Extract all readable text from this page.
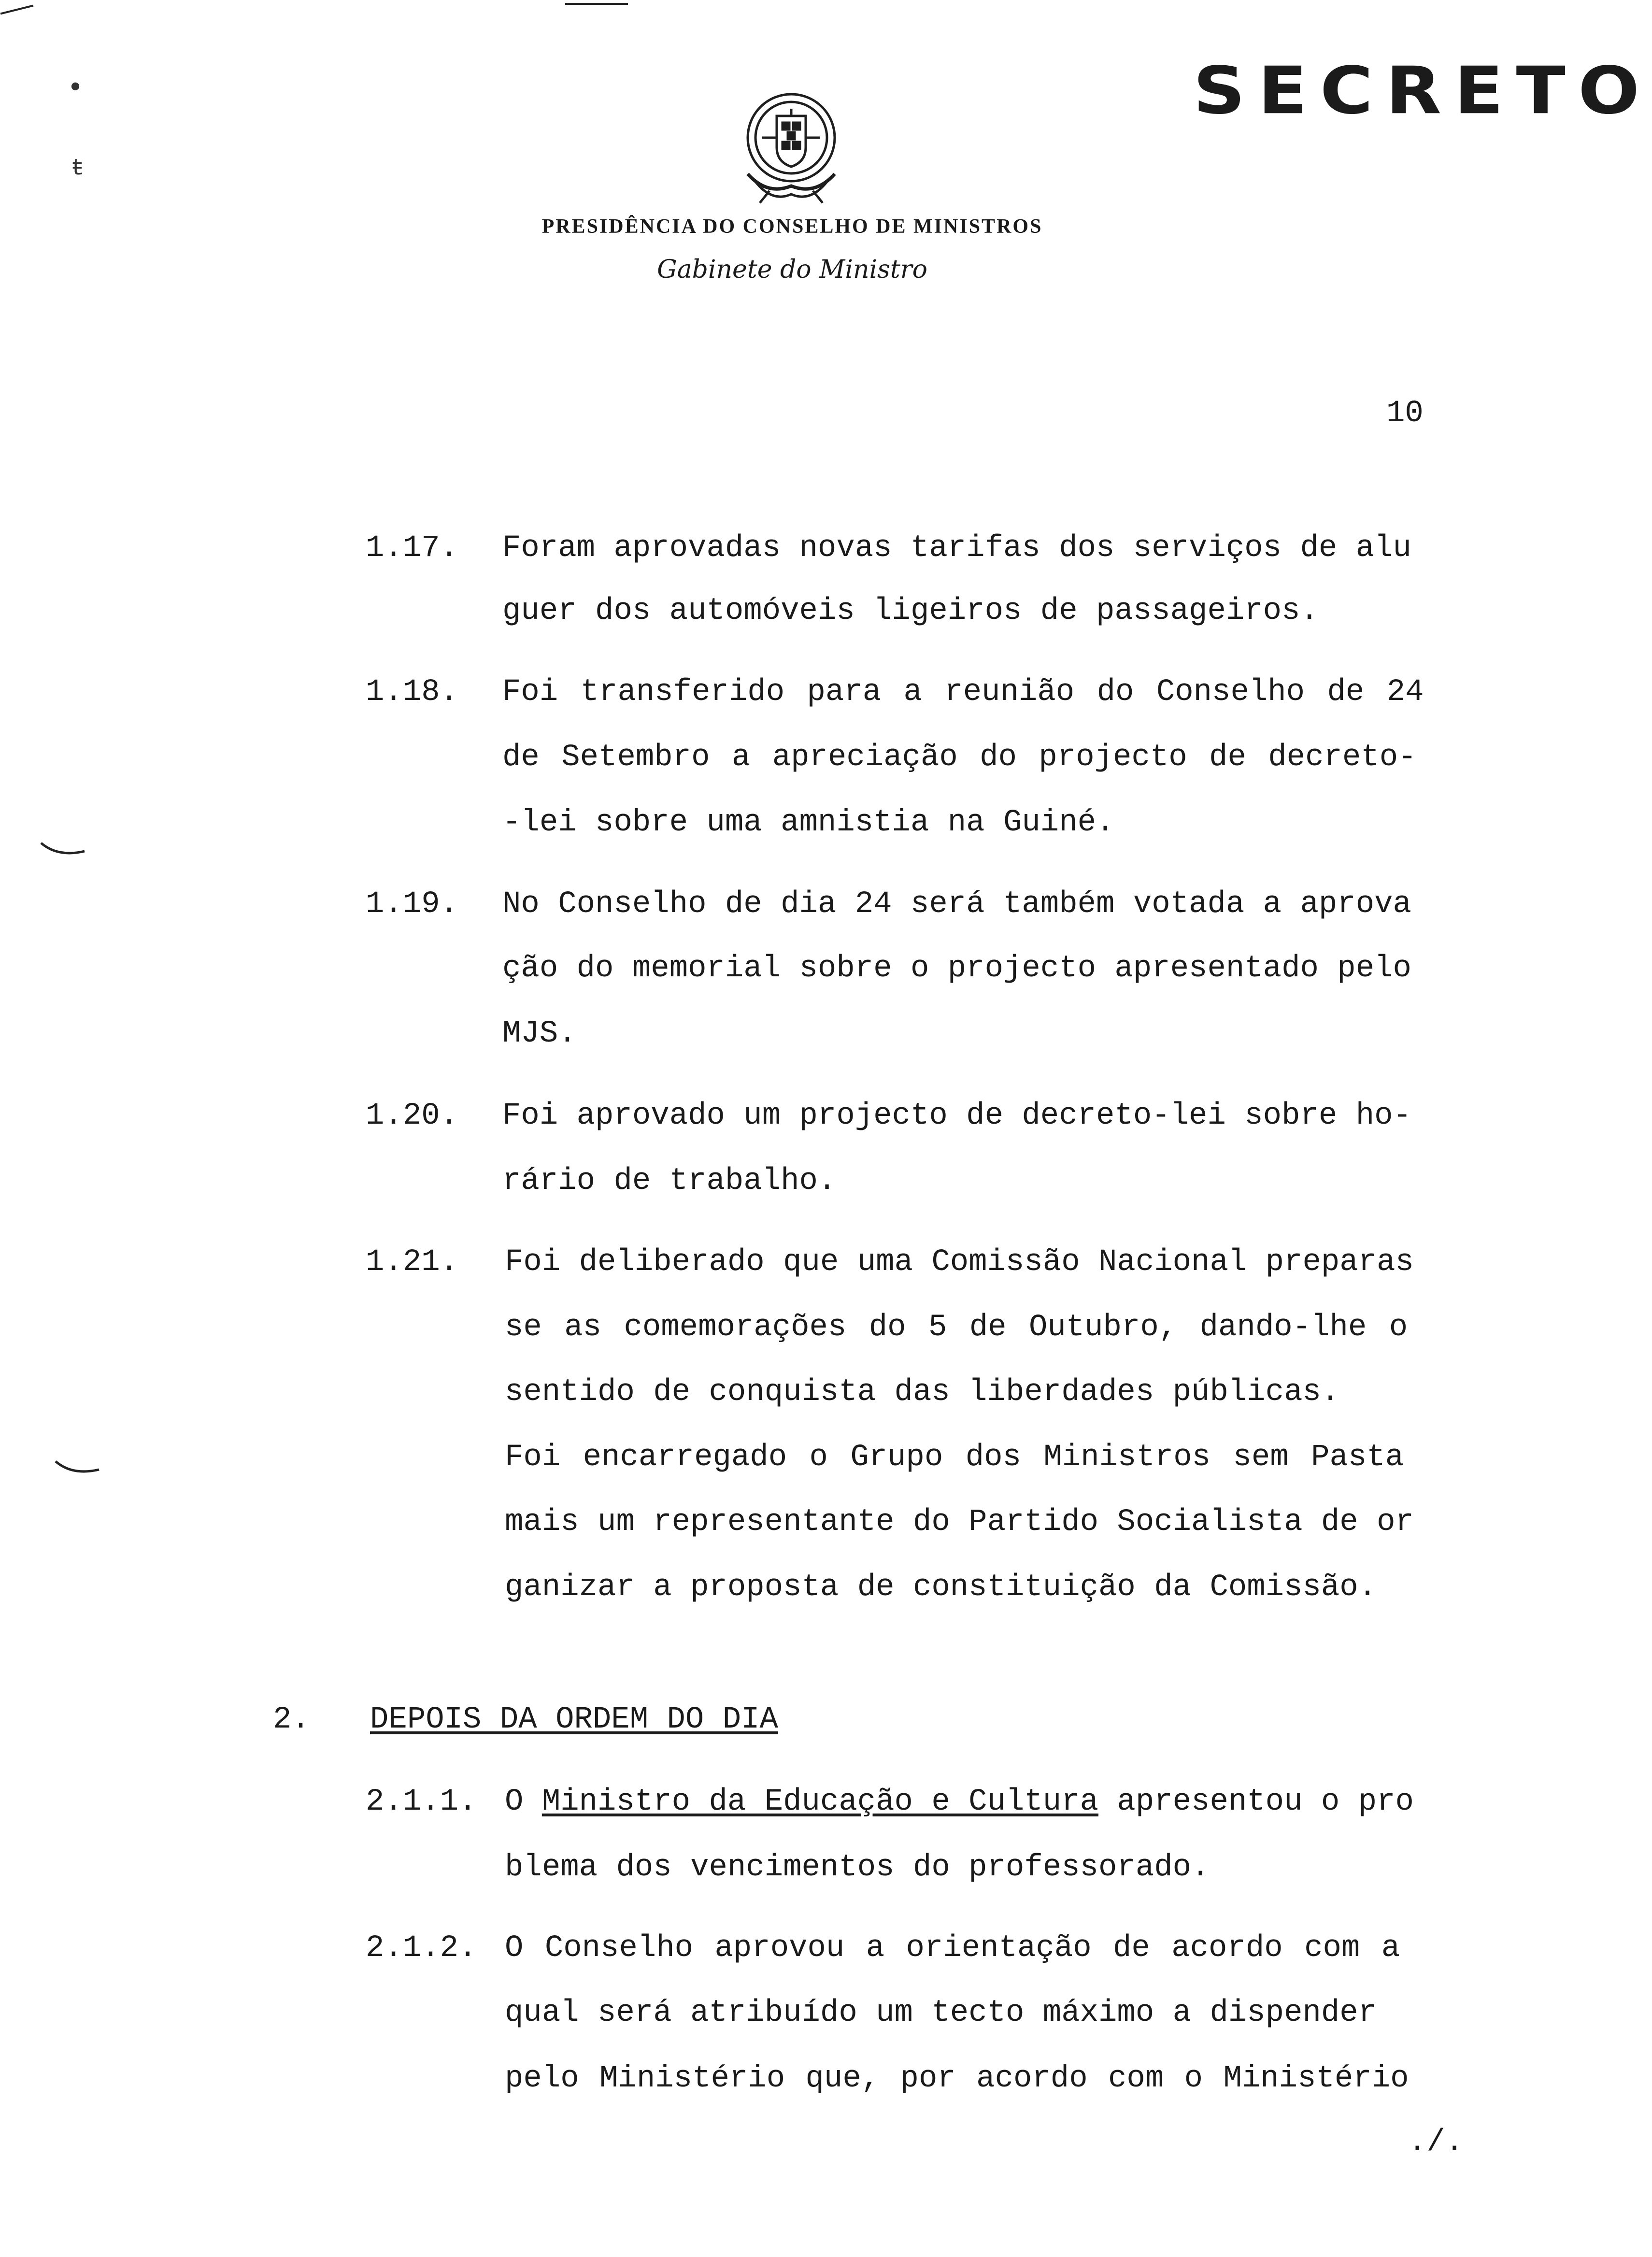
•
ŧ
SECRETO
PRESIDÊNCIA DO CONSELHO DE MINISTROS
Gabinete do Ministro
10
1.17. Foram aprovadas novas tarifas dos serviços de alu
guer dos automóveis ligeiros de passageiros.
1.18. Foi transferido para a reunião do Conselho de 24
de Setembro a apreciação do projecto de decreto-
-lei sobre uma amnistia na Guiné.
1.19. No Conselho de dia 24 será também votada a aprova
ção do memorial sobre o projecto apresentado pelo
MJS.
1.20. Foi aprovado um projecto de decreto-lei sobre ho-
rário de trabalho.
1.21. Foi deliberado que uma Comissão Nacional preparas
se as comemorações do 5 de Outubro, dando-lhe o
sentido de conquista das liberdades públicas.
Foi encarregado o Grupo dos Ministros sem Pasta
mais um representante do Partido Socialista de or
ganizar a proposta de constituição da Comissão.
2. DEPOIS DA ORDEM DO DIA
2.1.1. O Ministro da Educação e Cultura apresentou o pro
blema dos vencimentos do professorado.
2.1.2. O Conselho aprovou a orientação de acordo com a
qual será atribuído um tecto máximo a dispender
pelo Ministério que, por acordo com o Ministério
./.
